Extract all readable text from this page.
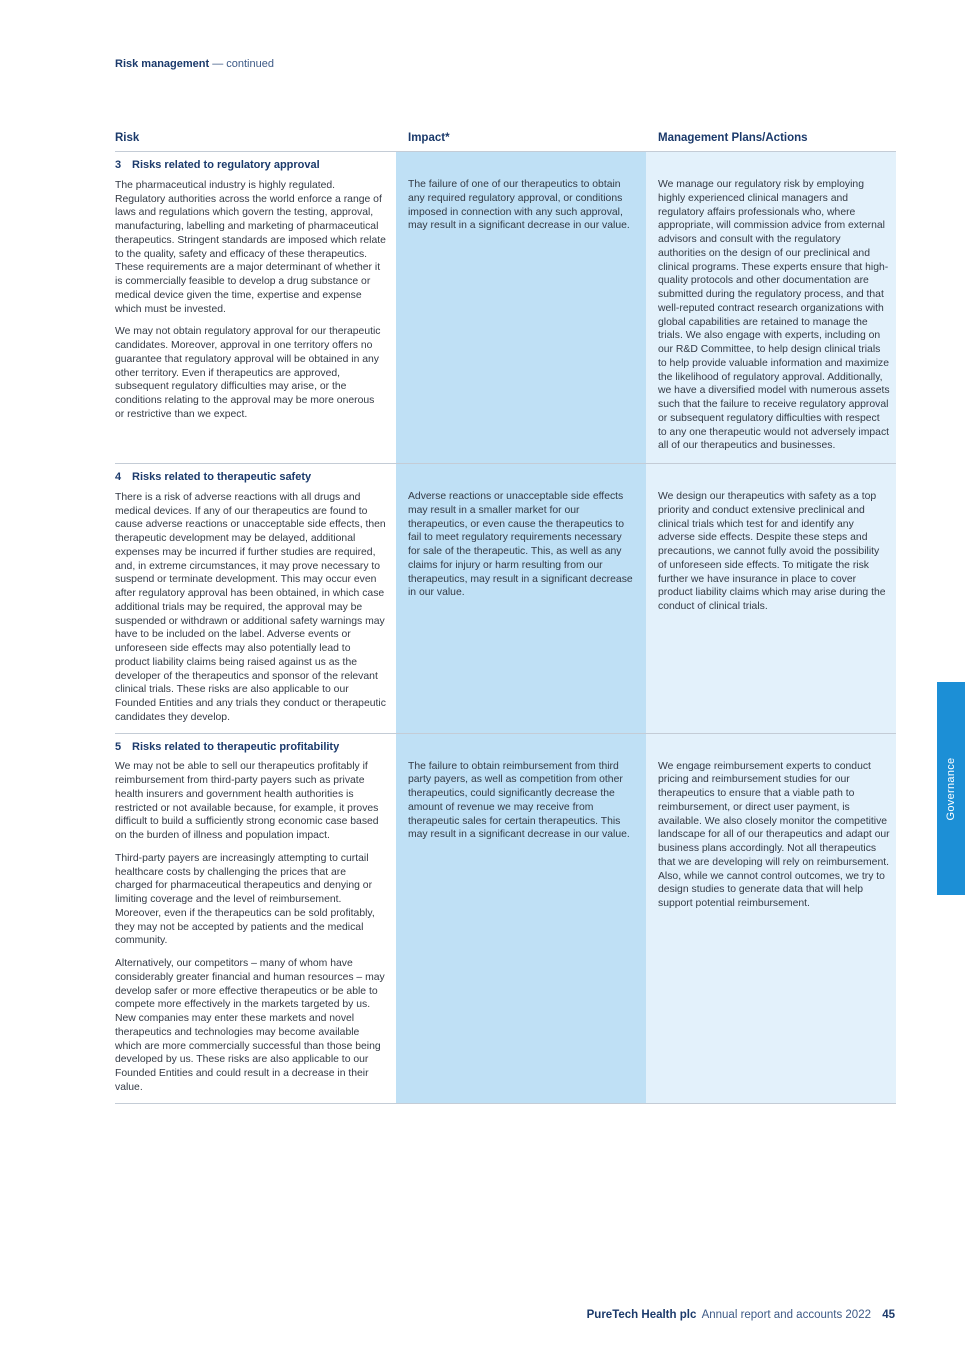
Risk management — continued
Risk	Impact*	Management Plans/Actions
3 Risks related to regulatory approval
The pharmaceutical industry is highly regulated. Regulatory authorities across the world enforce a range of laws and regulations which govern the testing, approval, manufacturing, labelling and marketing of pharmaceutical therapeutics. Stringent standards are imposed which relate to the quality, safety and efficacy of these therapeutics. These requirements are a major determinant of whether it is commercially feasible to develop a drug substance or medical device given the time, expertise and expense which must be invested.
We may not obtain regulatory approval for our therapeutic candidates. Moreover, approval in one territory offers no guarantee that regulatory approval will be obtained in any other territory. Even if therapeutics are approved, subsequent regulatory difficulties may arise, or the conditions relating to the approval may be more onerous or restrictive than we expect.
The failure of one of our therapeutics to obtain any required regulatory approval, or conditions imposed in connection with any such approval, may result in a significant decrease in our value.
We manage our regulatory risk by employing highly experienced clinical managers and regulatory affairs professionals who, where appropriate, will commission advice from external advisors and consult with the regulatory authorities on the design of our preclinical and clinical programs. These experts ensure that high-quality protocols and other documentation are submitted during the regulatory process, and that well-reputed contract research organizations with global capabilities are retained to manage the trials. We also engage with experts, including on our R&D Committee, to help design clinical trials to help provide valuable information and maximize the likelihood of regulatory approval. Additionally, we have a diversified model with numerous assets such that the failure to receive regulatory approval or subsequent regulatory difficulties with respect to any one therapeutic would not adversely impact all of our therapeutics and businesses.
4 Risks related to therapeutic safety
There is a risk of adverse reactions with all drugs and medical devices. If any of our therapeutics are found to cause adverse reactions or unacceptable side effects, then therapeutic development may be delayed, additional expenses may be incurred if further studies are required, and, in extreme circumstances, it may prove necessary to suspend or terminate development. This may occur even after regulatory approval has been obtained, in which case additional trials may be required, the approval may be suspended or withdrawn or additional safety warnings may have to be included on the label. Adverse events or unforeseen side effects may also potentially lead to product liability claims being raised against us as the developer of the therapeutics and sponsor of the relevant clinical trials. These risks are also applicable to our Founded Entities and any trials they conduct or therapeutic candidates they develop.
Adverse reactions or unacceptable side effects may result in a smaller market for our therapeutics, or even cause the therapeutics to fail to meet regulatory requirements necessary for sale of the therapeutic. This, as well as any claims for injury or harm resulting from our therapeutics, may result in a significant decrease in our value.
We design our therapeutics with safety as a top priority and conduct extensive preclinical and clinical trials which test for and identify any adverse side effects. Despite these steps and precautions, we cannot fully avoid the possibility of unforeseen side effects. To mitigate the risk further we have insurance in place to cover product liability claims which may arise during the conduct of clinical trials.
5 Risks related to therapeutic profitability
We may not be able to sell our therapeutics profitably if reimbursement from third-party payers such as private health insurers and government health authorities is restricted or not available because, for example, it proves difficult to build a sufficiently strong economic case based on the burden of illness and population impact.
Third-party payers are increasingly attempting to curtail healthcare costs by challenging the prices that are charged for pharmaceutical therapeutics and denying or limiting coverage and the level of reimbursement. Moreover, even if the therapeutics can be sold profitably, they may not be accepted by patients and the medical community.
Alternatively, our competitors – many of whom have considerably greater financial and human resources – may develop safer or more effective therapeutics or be able to compete more effectively in the markets targeted by us. New companies may enter these markets and novel therapeutics and technologies may become available which are more commercially successful than those being developed by us. These risks are also applicable to our Founded Entities and could result in a decrease in their value.
The failure to obtain reimbursement from third party payers, as well as competition from other therapeutics, could significantly decrease the amount of revenue we may receive from therapeutic sales for certain therapeutics. This may result in a significant decrease in our value.
We engage reimbursement experts to conduct pricing and reimbursement studies for our therapeutics to ensure that a viable path to reimbursement, or direct user payment, is available. We also closely monitor the competitive landscape for all of our therapeutics and adapt our business plans accordingly. Not all therapeutics that we are developing will rely on reimbursement. Also, while we cannot control outcomes, we try to design studies to generate data that will help support potential reimbursement.
Governance
PureTech Health plc Annual report and accounts 2022 45
